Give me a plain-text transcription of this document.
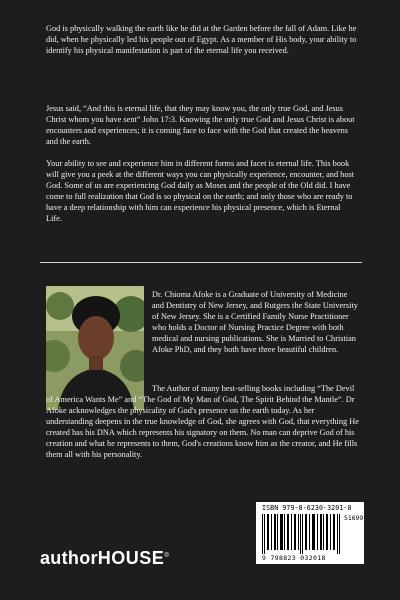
God is physically walking the earth like he did at the Garden before the fall of Adam. Like he did, when he physically led his people out of Egypt. As a member of His body, your ability to identify his physical manifestation is part of the eternal life you received.

Jesus said, “And this is eternal life, that they may know you, the only true God, and Jesus Christ whom you have sent” John 17:3. Knowing the only true God and Jesus Christ is about encounters and experiences; it is coming face to face with the God that created the heavens and the earth.

Your ability to see and experience him in different forms and facet is eternal life. This book will give you a peek at the different ways you can physically experience, encounter, and host God. Some of us are experiencing God daily as Moses and the people of the Old did. I have come to full realization that God is so physical on the earth; and only those who are ready to have a deep relationship with him can experience his physical presence, which is Eternal Life.

Dr. Chioma Afoke is a Graduate of University of Medicine and Dentistry of New Jersey, and Rutgers the State University of New Jersey. She is a Certified Family Nurse Practitioner who holds a Doctor of Nursing Practice Degree with both medical and nursing publications. She is Married to Christian Afoke PhD, and they both have three beautiful children.

The Author of many best-selling books including “The Devil of America Wants Me” and “The God of My Man of God, The Spirit Behind the Mantle”. Dr Afoke acknowledges the physicality of God's presence on the earth today. As her understanding deepens in the true knowledge of God, she agrees with God, that everything He created has his DNA which represents his signatory on them. No man can deprive God of his creation and what he represents to them, God's creations know him as the creator, and He fills them all with his personality.

ISBN 979-8-6230-3201-8
51699
9 798823 032018
authorHOUSE®
